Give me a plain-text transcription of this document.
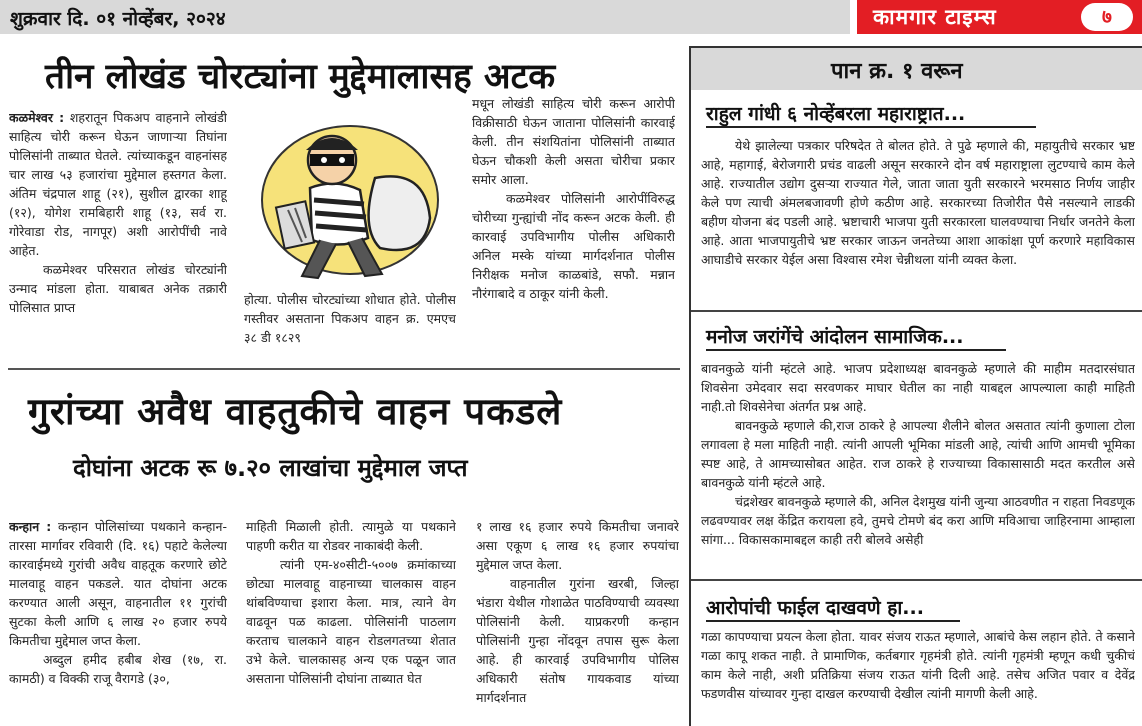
शुक्रवार दि. ०१ नोव्हेंबर, २०२४	कामगार टाइम्स	७
तीन लोखंड चोरट्यांना मुद्देमालासह अटक

कळमेश्वर : शहरातून पिकअप वाहनाने लोखंडी साहित्य चोरी करून घेऊन जाणाऱ्या तिघांना पोलिसांनी ताब्यात घेतले. त्यांच्याकडून वाहनांसह चार लाख ५३ हजारांचा मुद्देमाल हस्तगत केला. अंतिम चंद्रपाल शाहू (२१), सुशील द्वारका शाहू (१२), योगेश रामबिहारी शाहू (१३, सर्व रा. गोरेवाडा रोड, नागपूर) अशी आरोपींची नावे आहेत.

कळमेश्वर परिसरात लोखंड चोरट्यांनी उन्माद मांडला होता. याबाबत अनेक तक्रारी पोलिसात प्राप्त

होत्या. पोलीस चोरट्यांच्या शोधात होते. पोलीस गस्तीवर असताना पिकअप वाहन क्र. एमएच ३८ डी १८२९

मधून लोखंडी साहित्य चोरी करून आरोपी विक्रीसाठी घेऊन जाताना पोलिसांनी कारवाई केली. तीन संशयितांना पोलिसांनी ताब्यात घेऊन चौकशी केली असता चोरीचा प्रकार समोर आला.

कळमेश्वर पोलिसांनी आरोपींविरुद्ध चोरीच्या गुन्ह्यांची नोंद करून अटक केली. ही कारवाई उपविभागीय पोलीस अधिकारी अनिल मस्के यांच्या मार्गदर्शनात पोलीस निरीक्षक मनोज काळबांडे, सफौ. मन्नान नौरंगाबादे व ठाकूर यांनी केली.

गुरांच्या अवैध वाहतुकीचे वाहन पकडले
दोघांना अटक रू ७.२० लाखांचा मुद्देमाल जप्त

कन्हान : कन्हान पोलिसांच्या पथकाने कन्हान-तारसा मार्गावर रविवारी (दि. १६) पहाटे केलेल्या कारवाईमध्ये गुरांची अवैध वाहतूक करणारे छोटे मालवाहू वाहन पकडले. यात दोघांना अटक करण्यात आली असून, वाहनातील ११ गुरांची सुटका केली आणि ६ लाख २० हजार रुपये किमतीचा मुद्देमाल जप्त केला.

अब्दुल हमीद हबीब शेख (१७, रा. कामठी) व विक्की राजू वैरागडे (३०,

माहिती मिळाली होती. त्यामुळे या पथकाने पाहणी करीत या रोडवर नाकाबंदी केली.

त्यांनी एम-४०सीटी-५००७ क्रमांकाच्या छोट्या मालवाहू वाहनाच्या चालकास वाहन थांबविण्याचा इशारा केला. मात्र, त्याने वेग वाढवून पळ काढला. पोलिसांनी पाठलाग करताच चालकाने वाहन रोडलगतच्या शेतात उभे केले. चालकासह अन्य एक पळून जात असताना पोलिसांनी दोघांना ताब्यात घेत

१ लाख १६ हजार रुपये किमतीचा जनावरे असा एकूण ६ लाख १६ हजार रुपयांचा मुद्देमाल जप्त केला.

वाहनातील गुरांना खरबी, जिल्हा भंडारा येथील गोशाळेत पाठविण्याची व्यवस्था पोलिसांनी केली. याप्रकरणी कन्हान पोलिसांनी गुन्हा नोंदवून तपास सुरू केला आहे. ही कारवाई उपविभागीय पोलिस अधिकारी संतोष गायकवाड यांच्या मार्गदर्शनात

पान क्र. १ वरून
राहुल गांधी ६ नोव्हेंबरला महाराष्ट्रात...

येथे झालेल्या पत्रकार परिषदेत ते बोलत होते. ते पुढे म्हणाले की, महायुतीचे सरकार भ्रष्ट आहे, महागाई, बेरोजगारी प्रचंड वाढली असून सरकारने दोन वर्ष महाराष्ट्राला लुटण्याचे काम केले आहे. राज्यातील उद्योग दुसऱ्या राज्यात गेले, जाता जाता युती सरकारने भरमसाठ निर्णय जाहीर केले पण त्याची अंमलबजावणी होणे कठीण आहे. सरकारच्या तिजोरीत पैसे नसल्याने लाडकी बहीण योजना बंद पडली आहे. भ्रष्टाचारी भाजपा युती सरकारला घालवण्याचा निर्धार जनतेने केला आहे. आता भाजपायुतीचे भ्रष्ट सरकार जाऊन जनतेच्या आशा आकांक्षा पूर्ण करणारे महाविकास आघाडीचे सरकार येईल असा विश्वास रमेश चेन्नीथला यांनी व्यक्त केला.

मनोज जरांगेंचे आंदोलन सामाजिक...

बावनकुळे यांनी म्हंटले आहे. भाजप प्रदेशाध्यक्ष बावनकुळे म्हणाले की माहीम मतदारसंघात शिवसेना उमेदवार सदा सरवणकर माघार घेतील का नाही याबद्दल आपल्याला काही माहिती नाही.तो शिवसेनेचा अंतर्गत प्रश्न आहे.

बावनकुळे म्हणाले की,राज ठाकरे हे आपल्या शैलीने बोलत असतात त्यांनी कुणाला टोला लगावला हे मला माहिती नाही. त्यांनी आपली भूमिका मांडली आहे, त्यांची आणि आमची भूमिका स्पष्ट आहे, ते आमच्यासोबत आहेत. राज ठाकरे हे राज्याच्या विकासासाठी मदत करतील असे बावनकुळे यांनी म्हंटले आहे.

चंद्रशेखर बावनकुळे म्हणाले की, अनिल देशमुख यांनी जुन्या आठवणीत न राहता निवडणूक लढवण्यावर लक्ष केंद्रित करायला हवे, तुमचे टोमणे बंद करा आणि मविआचा जाहिरनामा आम्हाला सांगा... विकासकामाबद्दल काही तरी बोलवे असेही

आरोपांची फाईल दाखवणे हा...

गळा कापण्याचा प्रयत्न केला होता. यावर संजय राऊत म्हणाले, आबांचे केस लहान होते. ते कसाने गळा कापू शकत नाही. ते प्रामाणिक, कर्तबगार गृहमंत्री होते. त्यांनी गृहमंत्री म्हणून कधी चुकीचं काम केले नाही, अशी प्रतिक्रिया संजय राऊत यांनी दिली आहे. तसेच अजित पवार व देवेंद्र फडणवीस यांच्यावर गुन्हा दाखल करण्याची देखील त्यांनी मागणी केली आहे.
